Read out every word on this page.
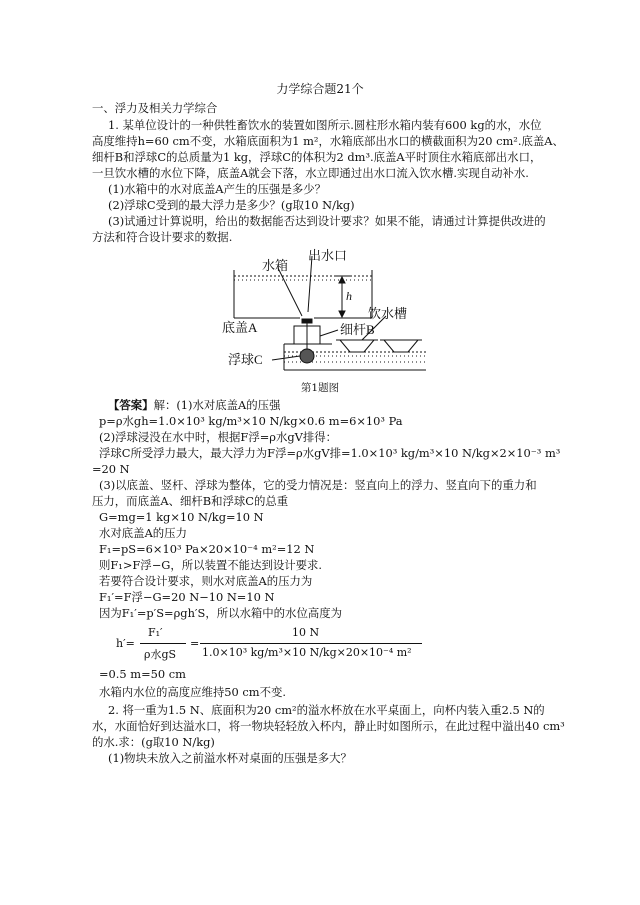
力学综合题21个
一、浮力及相关力学综合
1. 某单位设计的一种供牲畜饮水的装置如图所示.圆柱形水箱内装有600 kg的水，水位
高度维持h=60 cm不变，水箱底面积为1 m²，水箱底部出水口的横截面积为20 cm².底盖A、
细杆B和浮球C的总质量为1 kg，浮球C的体积为2 dm³.底盖A平时顶住水箱底部出水口，
一旦饮水槽的水位下降，底盖A就会下落，水立即通过出水口流入饮水槽.实现自动补水.
(1)水箱中的水对底盖A产生的压强是多少？
(2)浮球C受到的最大浮力是多少？(g取10 N/kg)
(3)试通过计算说明，给出的数据能否达到设计要求？如果不能，请通过计算提供改进的
方法和符合设计要求的数据.
h
出水口
水箱
饮水槽
底盖A	细杆B
浮球C
第1题图
【答案】解：(1)水对底盖A的压强
p=ρ水gh=1.0×10³ kg/m³×10 N/kg×0.6 m=6×10³ Pa
(2)浮球浸没在水中时，根据F浮=ρ水gV排得：
浮球C所受浮力最大，最大浮力为F浮=ρ水gV排=1.0×10³ kg/m³×10 N/kg×2×10⁻³ m³
=20 N
(3)以底盖、竖杆、浮球为整体，它的受力情况是：竖直向上的浮力、竖直向下的重力和
压力，而底盖A、细杆B和浮球C的总重
G=mg=1 kg×10 N/kg=10 N
水对底盖A的压力
F₁=pS=6×10³ Pa×20×10⁻⁴ m²=12 N
则F₁>F浮−G，所以装置不能达到设计要求.
若要符合设计要求，则水对底盖A的压力为
F₁′=F浮−G=20 N−10 N=10 N
因为F₁′=p′S=ρgh′S，所以水箱中的水位高度为
h′=
F₁′
ρ水gS
=
10 N
1.0×10³ kg/m³×10 N/kg×20×10⁻⁴ m²
=0.5 m=50 cm
水箱内水位的高度应维持50 cm不变.
2. 将一重为1.5 N、底面积为20 cm²的溢水杯放在水平桌面上，向杯内装入重2.5 N的
水，水面恰好到达溢水口，将一物块轻轻放入杯内，静止时如图所示，在此过程中溢出40 cm³
的水.求：(g取10 N/kg)
(1)物块未放入之前溢水杯对桌面的压强是多大？
